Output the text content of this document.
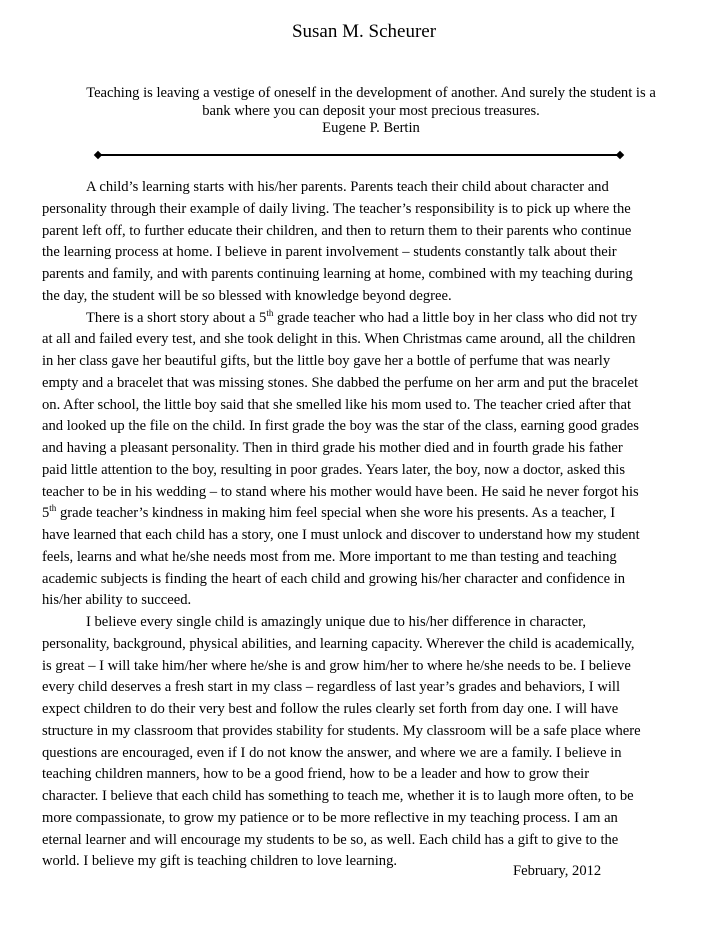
Susan M. Scheurer
Teaching is leaving a vestige of oneself in the development of another. And surely the student is a
bank where you can deposit your most precious treasures.
Eugene P. Bertin
A child’s learning starts with his/her parents. Parents teach their child about character and
personality through their example of daily living. The teacher’s responsibility is to pick up where the
parent left off, to further educate their children, and then to return them to their parents who continue
the learning process at home. I believe in parent involvement – students constantly talk about their
parents and family, and with parents continuing learning at home, combined with my teaching during
the day, the student will be so blessed with knowledge beyond degree.
There is a short story about a 5th grade teacher who had a little boy in her class who did not try
at all and failed every test, and she took delight in this. When Christmas came around, all the children
in her class gave her beautiful gifts, but the little boy gave her a bottle of perfume that was nearly
empty and a bracelet that was missing stones. She dabbed the perfume on her arm and put the bracelet
on. After school, the little boy said that she smelled like his mom used to. The teacher cried after that
and looked up the file on the child. In first grade the boy was the star of the class, earning good grades
and having a pleasant personality. Then in third grade his mother died and in fourth grade his father
paid little attention to the boy, resulting in poor grades. Years later, the boy, now a doctor, asked this
teacher to be in his wedding – to stand where his mother would have been. He said he never forgot his
5th grade teacher’s kindness in making him feel special when she wore his presents. As a teacher, I
have learned that each child has a story, one I must unlock and discover to understand how my student
feels, learns and what he/she needs most from me. More important to me than testing and teaching
academic subjects is finding the heart of each child and growing his/her character and confidence in
his/her ability to succeed.
I believe every single child is amazingly unique due to his/her difference in character,
personality, background, physical abilities, and learning capacity. Wherever the child is academically,
is great – I will take him/her where he/she is and grow him/her to where he/she needs to be. I believe
every child deserves a fresh start in my class – regardless of last year’s grades and behaviors, I will
expect children to do their very best and follow the rules clearly set forth from day one. I will have
structure in my classroom that provides stability for students. My classroom will be a safe place where
questions are encouraged, even if I do not know the answer, and where we are a family. I believe in
teaching children manners, how to be a good friend, how to be a leader and how to grow their
character. I believe that each child has something to teach me, whether it is to laugh more often, to be
more compassionate, to grow my patience or to be more reflective in my teaching process. I am an
eternal learner and will encourage my students to be so, as well. Each child has a gift to give to the
world. I believe my gift is teaching children to love learning.
February, 2012
